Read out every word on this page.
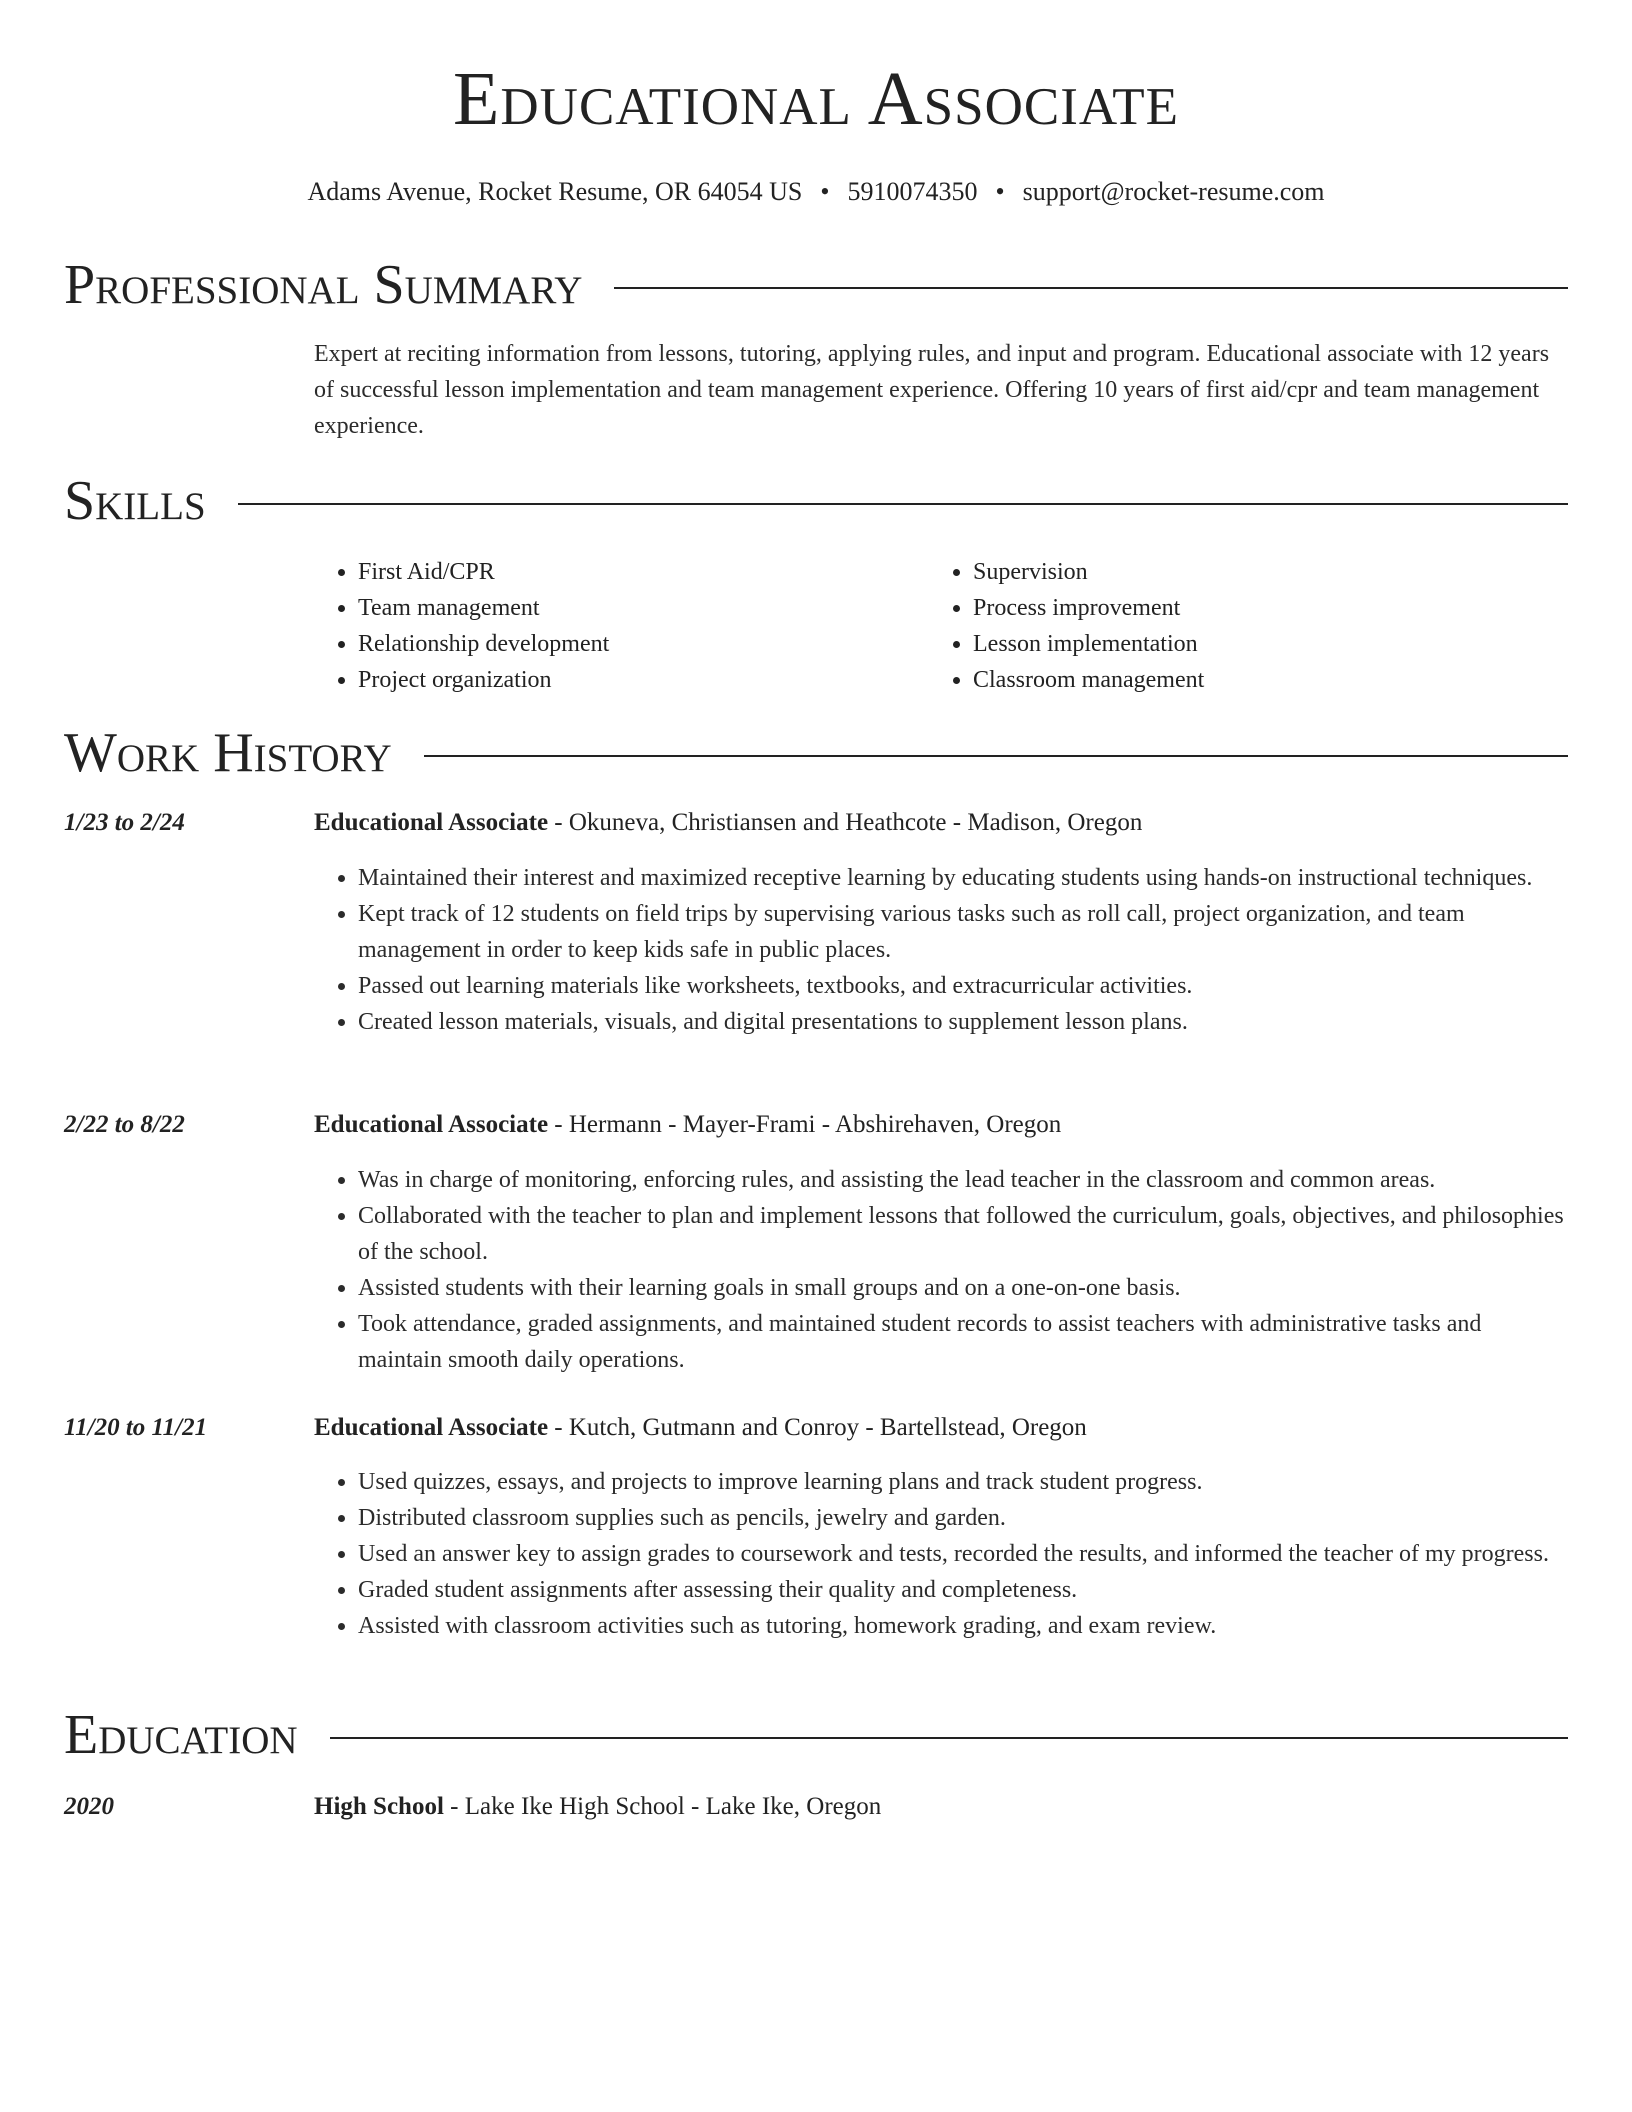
Educational Associate
Adams Avenue, Rocket Resume, OR 64054 US • 5910074350 • support@rocket-resume.com
Professional Summary
Expert at reciting information from lessons, tutoring, applying rules, and input and program. Educational associate with 12 years of successful lesson implementation and team management experience. Offering 10 years of first aid/cpr and team management experience.
Skills
• First Aid/CPR
• Team management
• Relationship development
• Project organization
• Supervision
• Process improvement
• Lesson implementation
• Classroom management
Work History
1/23 to 2/24	Educational Associate - Okuneva, Christiansen and Heathcote - Madison, Oregon
• Maintained their interest and maximized receptive learning by educating students using hands-on instructional techniques.
• Kept track of 12 students on field trips by supervising various tasks such as roll call, project organization, and team management in order to keep kids safe in public places.
• Passed out learning materials like worksheets, textbooks, and extracurricular activities.
• Created lesson materials, visuals, and digital presentations to supplement lesson plans.
2/22 to 8/22	Educational Associate - Hermann - Mayer-Frami - Abshirehaven, Oregon
• Was in charge of monitoring, enforcing rules, and assisting the lead teacher in the classroom and common areas.
• Collaborated with the teacher to plan and implement lessons that followed the curriculum, goals, objectives, and philosophies of the school.
• Assisted students with their learning goals in small groups and on a one-on-one basis.
• Took attendance, graded assignments, and maintained student records to assist teachers with administrative tasks and maintain smooth daily operations.
11/20 to 11/21	Educational Associate - Kutch, Gutmann and Conroy - Bartellstead, Oregon
• Used quizzes, essays, and projects to improve learning plans and track student progress.
• Distributed classroom supplies such as pencils, jewelry and garden.
• Used an answer key to assign grades to coursework and tests, recorded the results, and informed the teacher of my progress.
• Graded student assignments after assessing their quality and completeness.
• Assisted with classroom activities such as tutoring, homework grading, and exam review.
Education
2020	High School - Lake Ike High School - Lake Ike, Oregon
